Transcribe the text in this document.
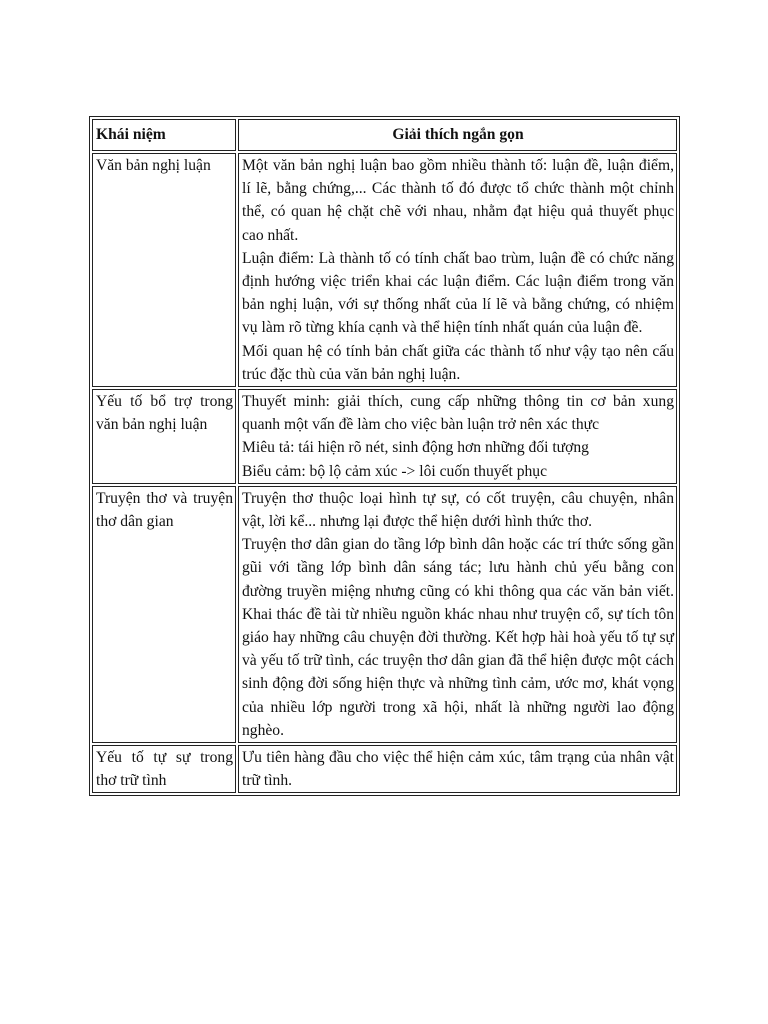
Khái niệm	Giải thích ngắn gọn
Văn bản nghị luận	Một văn bản nghị luận bao gồm nhiều thành tố: luận đề, luận điểm, lí lẽ, bằng chứng,... Các thành tố đó được tổ chức thành một chỉnh thể, có quan hệ chặt chẽ với nhau, nhằm đạt hiệu quả thuyết phục cao nhất.

Luận điểm: Là thành tố có tính chất bao trùm, luận đề có chức năng định hướng việc triển khai các luận điểm. Các luận điểm trong văn bản nghị luận, với sự thống nhất của lí lẽ và bằng chứng, có nhiệm vụ làm rõ từng khía cạnh và thể hiện tính nhất quán của luận đề.

Mối quan hệ có tính bản chất giữa các thành tố như vậy tạo nên cấu trúc đặc thù của văn bản nghị luận.

Yếu tố bổ trợ trong văn bản nghị luận	Thuyết minh: giải thích, cung cấp những thông tin cơ bản xung quanh một vấn đề làm cho việc bàn luận trở nên xác thực

Miêu tả: tái hiện rõ nét, sinh động hơn những đối tượng

Biểu cảm: bộ lộ cảm xúc -> lôi cuốn thuyết phục

Truyện thơ và truyện thơ dân gian	Truyện thơ thuộc loại hình tự sự, có cốt truyện, câu chuyện, nhân vật, lời kể... nhưng lại được thể hiện dưới hình thức thơ.

Truyện thơ dân gian do tầng lớp bình dân hoặc các trí thức sống gần gũi với tầng lớp bình dân sáng tác; lưu hành chủ yếu bằng con đường truyền miệng nhưng cũng có khi thông qua các văn bản viết. Khai thác đề tài từ nhiều nguồn khác nhau như truyện cổ, sự tích tôn giáo hay những câu chuyện đời thường. Kết hợp hài hoà yếu tố tự sự và yếu tố trữ tình, các truyện thơ dân gian đã thể hiện được một cách sinh động đời sống hiện thực và những tình cảm, ước mơ, khát vọng của nhiều lớp người trong xã hội, nhất là những người lao động nghèo.

Yếu tố tự sự trong thơ trữ tình	Ưu tiên hàng đầu cho việc thể hiện cảm xúc, tâm trạng của nhân vật trữ tình.
